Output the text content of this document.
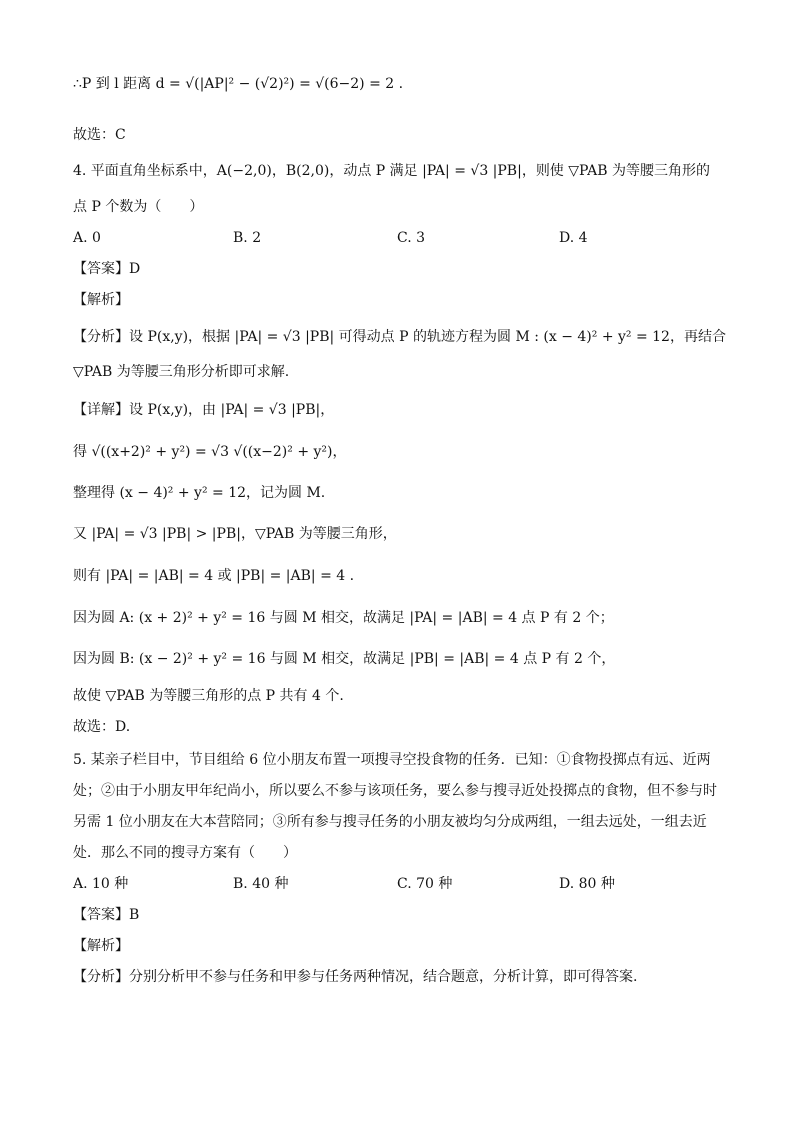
∴P 到 l 距离 d = √(|AP|² − (√2)²) = √(6−2) = 2 .
故选：C
4. 平面直角坐标系中，A(−2,0)，B(2,0)，动点 P 满足 |PA| = √3 |PB|，则使 ▽PAB 为等腰三角形的
点 P 个数为（　　）
A. 0	B. 2	C. 3	D. 4
【答案】D
【解析】
【分析】设 P(x,y)，根据 |PA| = √3 |PB| 可得动点 P 的轨迹方程为圆 M : (x − 4)² + y² = 12，再结合
▽PAB 为等腰三角形分析即可求解.
【详解】设 P(x,y)，由 |PA| = √3 |PB|，
得 √((x+2)² + y²) = √3 √((x−2)² + y²)，
整理得 (x − 4)² + y² = 12，记为圆 M.
又 |PA| = √3 |PB| > |PB|，▽PAB 为等腰三角形，
则有 |PA| = |AB| = 4 或 |PB| = |AB| = 4 .
因为圆 A: (x + 2)² + y² = 16 与圆 M 相交，故满足 |PA| = |AB| = 4 点 P 有 2 个；
因为圆 B: (x − 2)² + y² = 16 与圆 M 相交，故满足 |PB| = |AB| = 4 点 P 有 2 个，
故使 ▽PAB 为等腰三角形的点 P 共有 4 个.
故选：D.
5. 某亲子栏目中，节目组给 6 位小朋友布置一项搜寻空投食物的任务．已知：①食物投掷点有远、近两
处；②由于小朋友甲年纪尚小，所以要么不参与该项任务，要么参与搜寻近处投掷点的食物，但不参与时
另需 1 位小朋友在大本营陪同；③所有参与搜寻任务的小朋友被均匀分成两组，一组去远处，一组去近
处．那么不同的搜寻方案有（　　）
A. 10 种	B. 40 种	C. 70 种	D. 80 种
【答案】B
【解析】
【分析】分别分析甲不参与任务和甲参与任务两种情况，结合题意，分析计算，即可得答案.
